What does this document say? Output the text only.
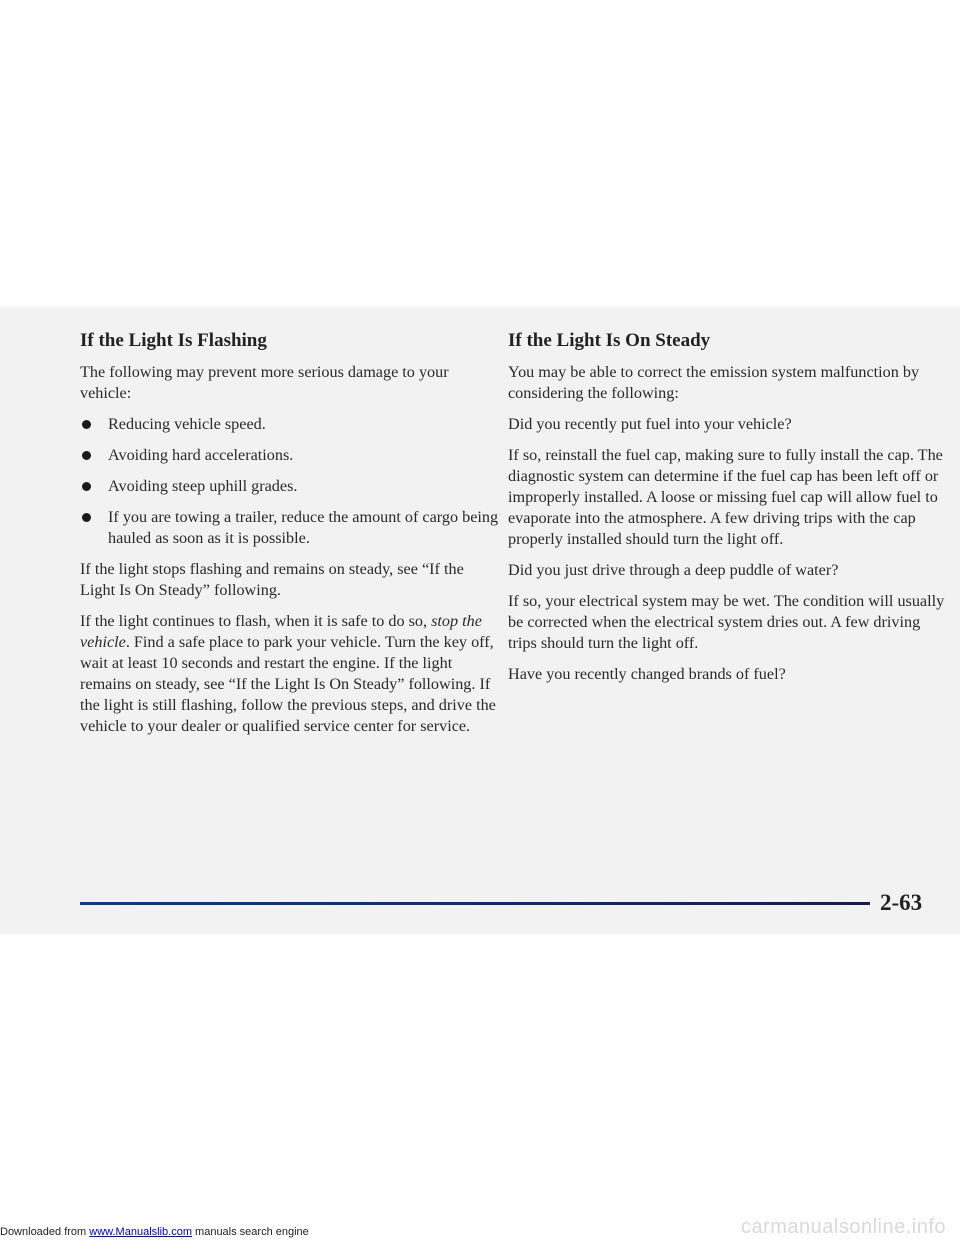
If the Light Is Flashing

The following may prevent more serious damage to your vehicle:

Reducing vehicle speed.
Avoiding hard accelerations.
Avoiding steep uphill grades.
If you are towing a trailer, reduce the amount of cargo being hauled as soon as it is possible.

If the light stops flashing and remains on steady, see “If the Light Is On Steady” following.

If the light continues to flash, when it is safe to do so, stop the vehicle. Find a safe place to park your vehicle. Turn the key off, wait at least 10 seconds and restart the engine. If the light remains on steady, see “If the Light Is On Steady” following. If the light is still flashing, follow the previous steps, and drive the vehicle to your dealer or qualified service center for service.

If the Light Is On Steady

You may be able to correct the emission system malfunction by considering the following:

Did you recently put fuel into your vehicle?

If so, reinstall the fuel cap, making sure to fully install the cap. The diagnostic system can determine if the fuel cap has been left off or improperly installed. A loose or missing fuel cap will allow fuel to evaporate into the atmosphere. A few driving trips with the cap properly installed should turn the light off.

Did you just drive through a deep puddle of water?

If so, your electrical system may be wet. The condition will usually be corrected when the electrical system dries out. A few driving trips should turn the light off.

Have you recently changed brands of fuel?

2-63
Downloaded from www.Manualslib.com manuals search engine	carmanualsonline.info
